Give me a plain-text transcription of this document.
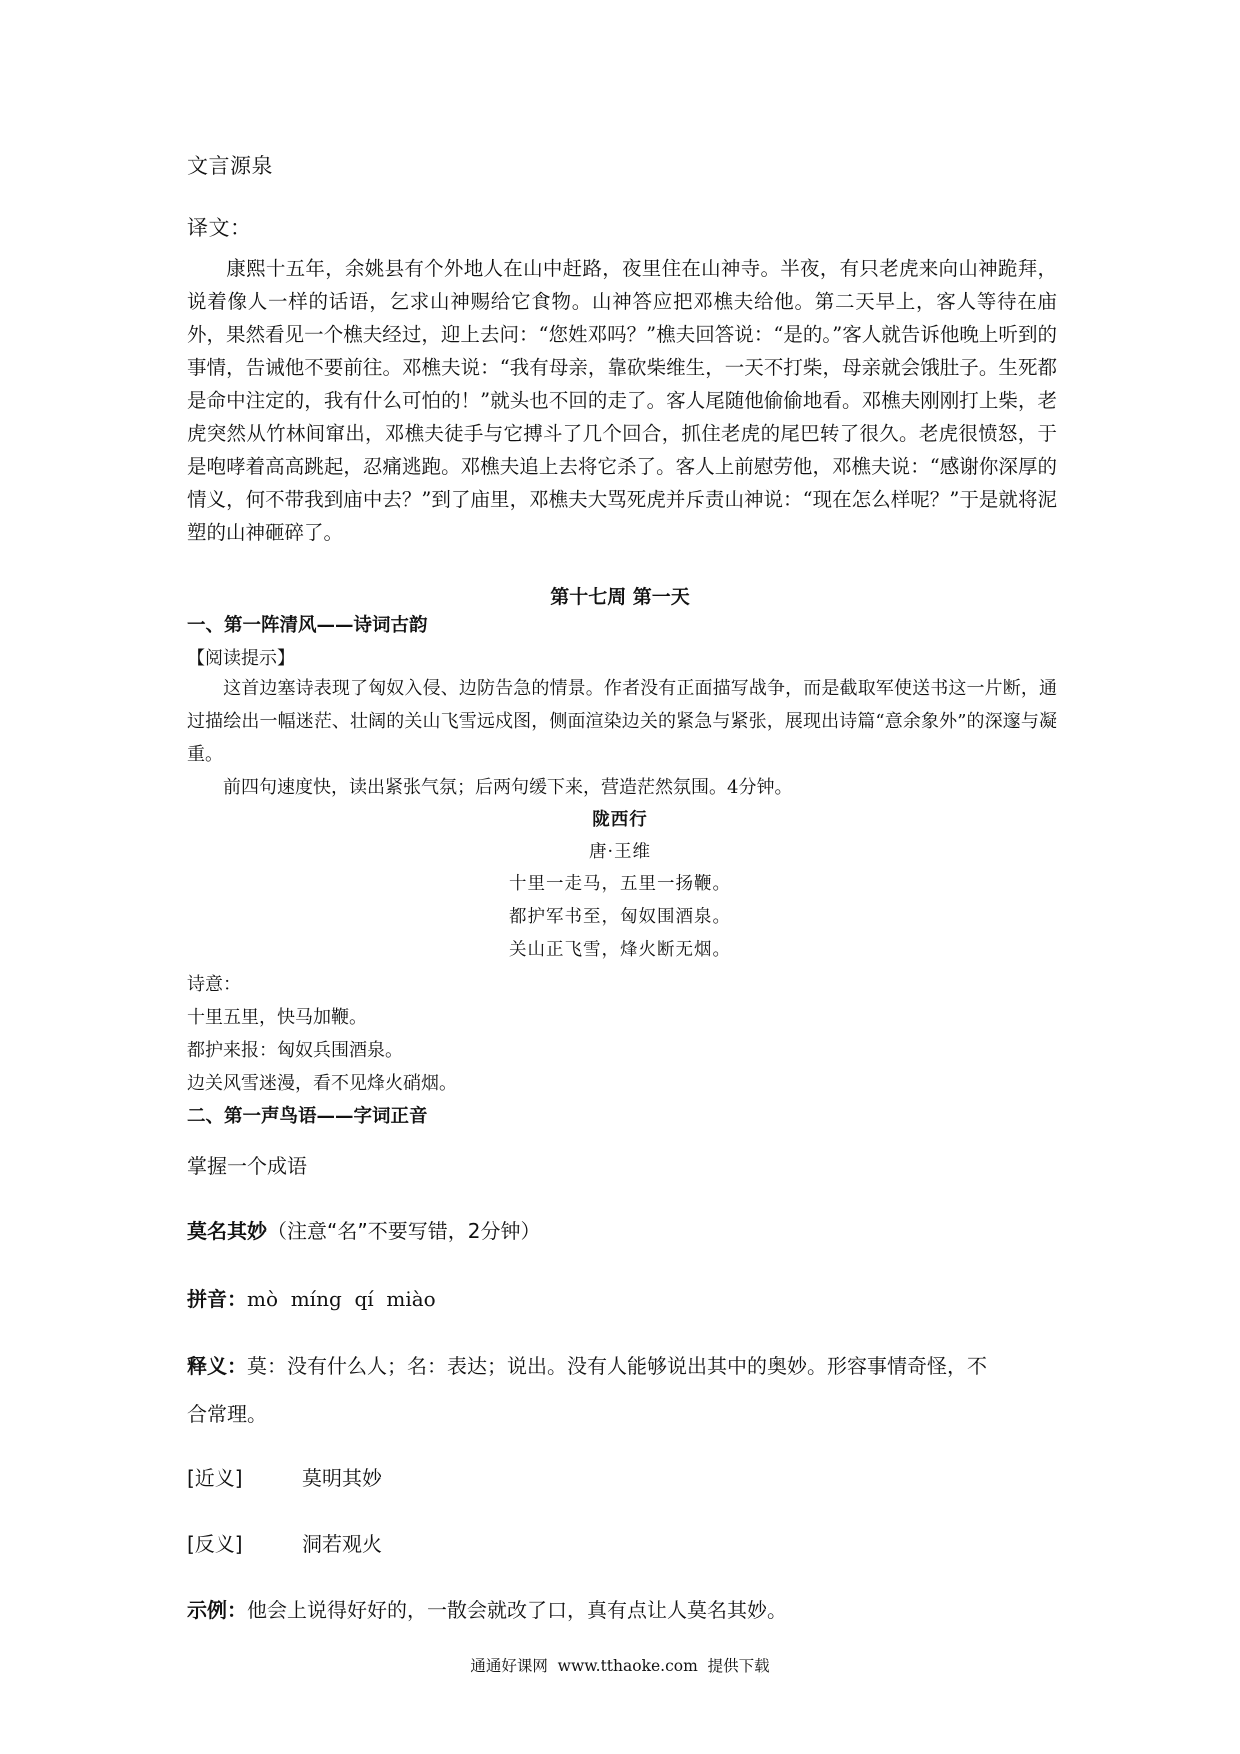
文言源泉
译文：
康熙十五年，余姚县有个外地人在山中赶路，夜里住在山神寺。半夜，有只老虎来向山神跪拜，说着像人一样的话语，乞求山神赐给它食物。山神答应把邓樵夫给他。第二天早上，客人等待在庙外，果然看见一个樵夫经过，迎上去问：“您姓邓吗？”樵夫回答说：“是的。”客人就告诉他晚上听到的事情，告诫他不要前往。邓樵夫说：“我有母亲，靠砍柴维生，一天不打柴，母亲就会饿肚子。生死都是命中注定的，我有什么可怕的！”就头也不回的走了。客人尾随他偷偷地看。邓樵夫刚刚打上柴，老虎突然从竹林间窜出，邓樵夫徒手与它搏斗了几个回合，抓住老虎的尾巴转了很久。老虎很愤怒，于是咆哮着高高跳起，忍痛逃跑。邓樵夫追上去将它杀了。客人上前慰劳他，邓樵夫说：“感谢你深厚的情义，何不带我到庙中去？”到了庙里，邓樵夫大骂死虎并斥责山神说：“现在怎么样呢？”于是就将泥塑的山神砸碎了。
第十七周 第一天
一、第一阵清风——诗词古韵
【阅读提示】
这首边塞诗表现了匈奴入侵、边防告急的情景。作者没有正面描写战争，而是截取军使送书这一片断，通过描绘出一幅迷茫、壮阔的关山飞雪远戍图，侧面渲染边关的紧急与紧张，展现出诗篇“意余象外”的深邃与凝重。
前四句速度快，读出紧张气氛；后两句缓下来，营造茫然氛围。4分钟。
陇西行
唐·王维
十里一走马，五里一扬鞭。
都护军书至，匈奴围酒泉。
关山正飞雪，烽火断无烟。
诗意：
十里五里，快马加鞭。
都护来报：匈奴兵围酒泉。
边关风雪迷漫，看不见烽火硝烟。
二、第一声鸟语——字词正音
掌握一个成语
莫名其妙（注意“名”不要写错，2分钟）
拼音：mò  míng  qí  miào
释义：莫：没有什么人；名：表达；说出。没有人能够说出其中的奥妙。形容事情奇怪，不
合常理。
[近义]	莫明其妙
[反义]	洞若观火
示例：他会上说得好好的，一散会就改了口，真有点让人莫名其妙。
通通好课网  www.tthaoke.com  提供下载
